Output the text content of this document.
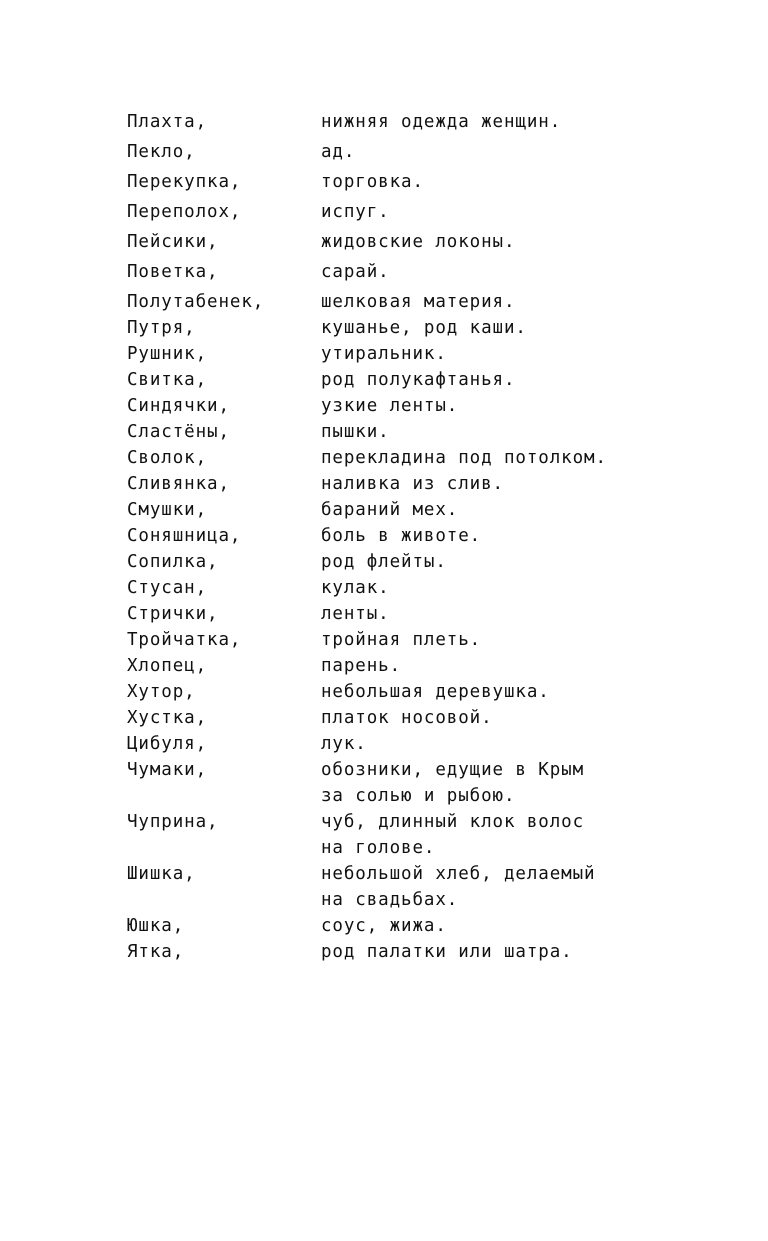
Плахта,	нижняя одежда женщин.
Пекло,	ад.
Перекупка,	торговка.
Переполох,	испуг.
Пейсики,	жидовские локоны.
Поветка,	сарай.
Полутабенек,	шелковая материя.
Путря,	кушанье, род каши.
Рушник,	утиральник.
Свитка,	род полукафтанья.
Синдячки,	узкие ленты.
Сластёны,	пышки.
Сволок,	перекладина под потолком.
Сливянка,	наливка из слив.
Смушки,	бараний мех.
Соняшница,	боль в животе.
Сопилка,	род флейты.
Стусан,	кулак.
Стрички,	ленты.
Тройчатка,	тройная плеть.
Хлопец,	парень.
Хутор,	небольшая деревушка.
Хустка,	платок носовой.
Цибуля,	лук.
Чумаки,	обозники, едущие в Крым
за солью и рыбою.
Чуприна,	чуб, длинный клок волос
на голове.
Шишка,	небольшой хлеб, делаемый
на свадьбах.
Юшка,	соус, жижа.
Ятка,	род палатки или шатра.
